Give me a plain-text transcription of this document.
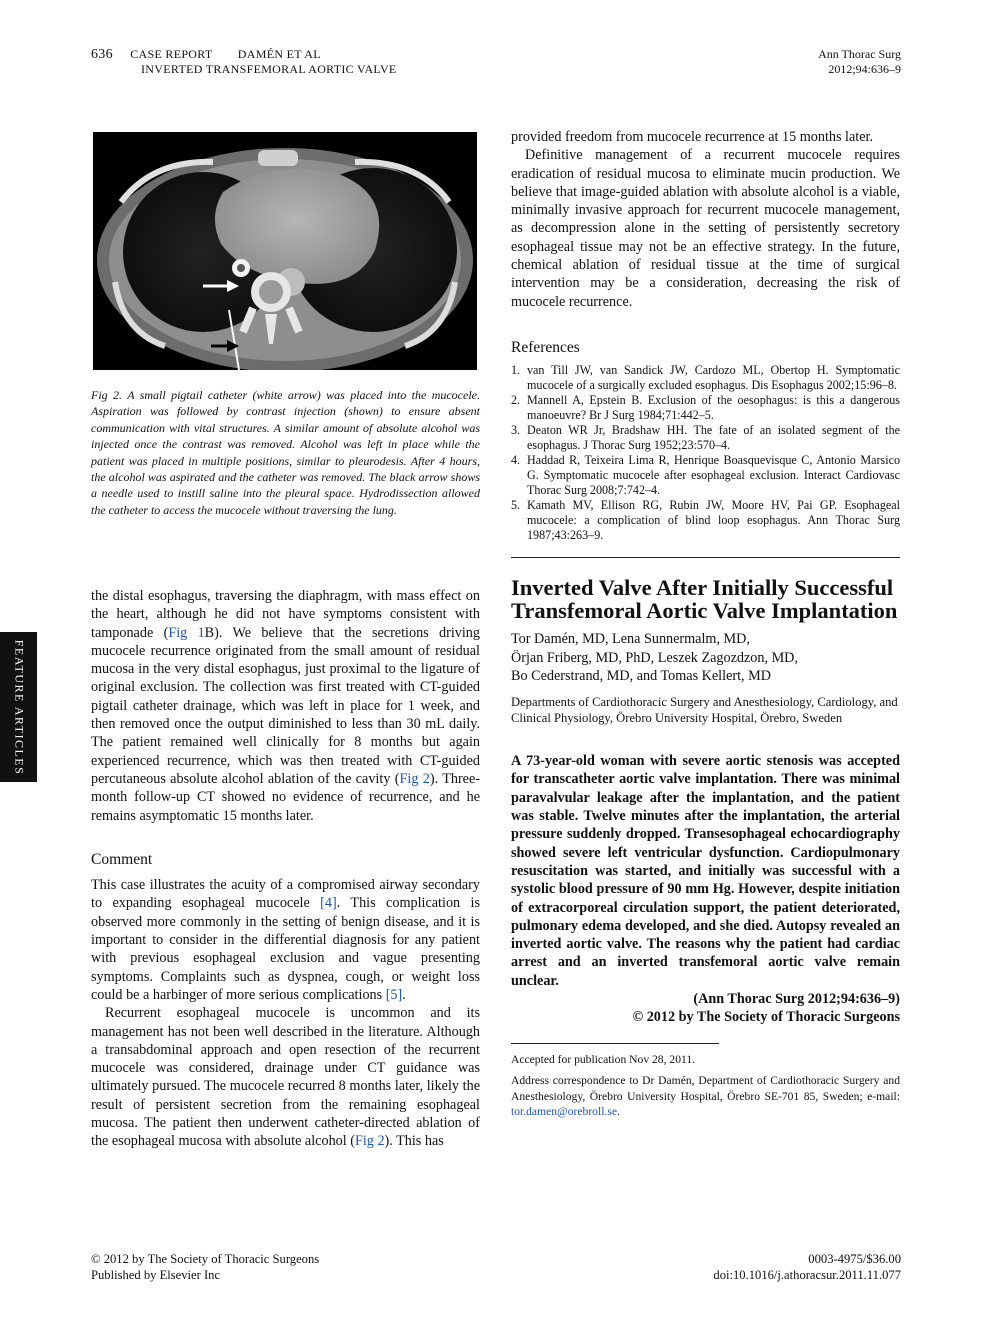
636 CASE REPORT DAMÉN ET AL
INVERTED TRANSFEMORAL AORTIC VALVE
Ann Thorac Surg
2012;94:636–9
FEATURE ARTICLES
Fig 2. A small pigtail catheter (white arrow) was placed into the mucocele. Aspiration was followed by contrast injection (shown) to ensure absent communication with vital structures. A similar amount of absolute alcohol was injected once the contrast was removed. Alcohol was left in place while the patient was placed in multiple positions, similar to pleurodesis. After 4 hours, the alcohol was aspirated and the catheter was removed. The black arrow shows a needle used to instill saline into the pleural space. Hydrodissection allowed the catheter to access the mucocele without traversing the lung.

the distal esophagus, traversing the diaphragm, with mass effect on the heart, although he did not have symptoms consistent with tamponade (Fig 1B). We believe that the secretions driving mucocele recurrence originated from the small amount of residual mucosa in the very distal esophagus, just proximal to the ligature of original exclusion. The collection was first treated with CT-guided pigtail catheter drainage, which was left in place for 1 week, and then removed once the output diminished to less than 30 mL daily. The patient remained well clinically for 8 months but again experienced recurrence, which was then treated with CT-guided percutaneous absolute alcohol ablation of the cavity (Fig 2). Three-month follow-up CT showed no evidence of recurrence, and he remains asymptomatic 15 months later.

Comment

This case illustrates the acuity of a compromised airway secondary to expanding esophageal mucocele [4]. This complication is observed more commonly in the setting of benign disease, and it is important to consider in the differential diagnosis for any patient with previous esophageal exclusion and vague presenting symptoms. Complaints such as dyspnea, cough, or weight loss could be a harbinger of more serious complications [5].

Recurrent esophageal mucocele is uncommon and its management has not been well described in the literature. Although a transabdominal approach and open resection of the recurrent mucocele was considered, drainage under CT guidance was ultimately pursued. The mucocele recurred 8 months later, likely the result of persistent secretion from the remaining esophageal mucosa. The patient then underwent catheter-directed ablation of the esophageal mucosa with absolute alcohol (Fig 2). This has

provided freedom from mucocele recurrence at 15 months later.

Definitive management of a recurrent mucocele requires eradication of residual mucosa to eliminate mucin production. We believe that image-guided ablation with absolute alcohol is a viable, minimally invasive approach for recurrent mucocele management, as decompression alone in the setting of persistently secretory esophageal tissue may not be an effective strategy. In the future, chemical ablation of residual tissue at the time of surgical intervention may be a consideration, decreasing the risk of mucocele recurrence.

References
1. van Till JW, van Sandick JW, Cardozo ML, Obertop H. Symptomatic mucocele of a surgically excluded esophagus. Dis Esophagus 2002;15:96–8.
2. Mannell A, Epstein B. Exclusion of the oesophagus: is this a dangerous manoeuvre? Br J Surg 1984;71:442–5.
3. Deaton WR Jr, Bradshaw HH. The fate of an isolated segment of the esophagus. J Thorac Surg 1952;23:570–4.
4. Haddad R, Teixeira Lima R, Henrique Boasquevisque C, Antonio Marsico G. Symptomatic mucocele after esophageal exclusion. Interact Cardiovasc Thorac Surg 2008;7:742–4.
5. Kamath MV, Ellison RG, Rubin JW, Moore HV, Pai GP. Esophageal mucocele: a complication of blind loop esophagus. Ann Thorac Surg 1987;43:263–9.
Inverted Valve After Initially Successful Transfemoral Aortic Valve Implantation
Tor Damén, MD, Lena Sunnermalm, MD,
Örjan Friberg, MD, PhD, Leszek Zagozdzon, MD,
Bo Cederstrand, MD, and Tomas Kellert, MD
Departments of Cardiothoracic Surgery and Anesthesiology, Cardiology, and Clinical Physiology, Örebro University Hospital, Örebro, Sweden
A 73-year-old woman with severe aortic stenosis was accepted for transcatheter aortic valve implantation. There was minimal paravalvular leakage after the implantation, and the patient was stable. Twelve minutes after the implantation, the arterial pressure suddenly dropped. Transesophageal echocardiography showed severe left ventricular dysfunction. Cardiopulmonary resuscitation was started, and initially was successful with a systolic blood pressure of 90 mm Hg. However, despite initiation of extracorporeal circulation support, the patient deteriorated, pulmonary edema developed, and she died. Autopsy revealed an inverted aortic valve. The reasons why the patient had cardiac arrest and an inverted transfemoral aortic valve remain unclear.
(Ann Thorac Surg 2012;94:636–9)
© 2012 by The Society of Thoracic Surgeons

Accepted for publication Nov 28, 2011.

Address correspondence to Dr Damén, Department of Cardiothoracic Surgery and Anesthesiology, Örebro University Hospital, Örebro SE-701 85, Sweden; e-mail: tor.damen@orebroll.se.

© 2012 by The Society of Thoracic Surgeons
Published by Elsevier Inc
0003-4975/$36.00
doi:10.1016/j.athoracsur.2011.11.077
